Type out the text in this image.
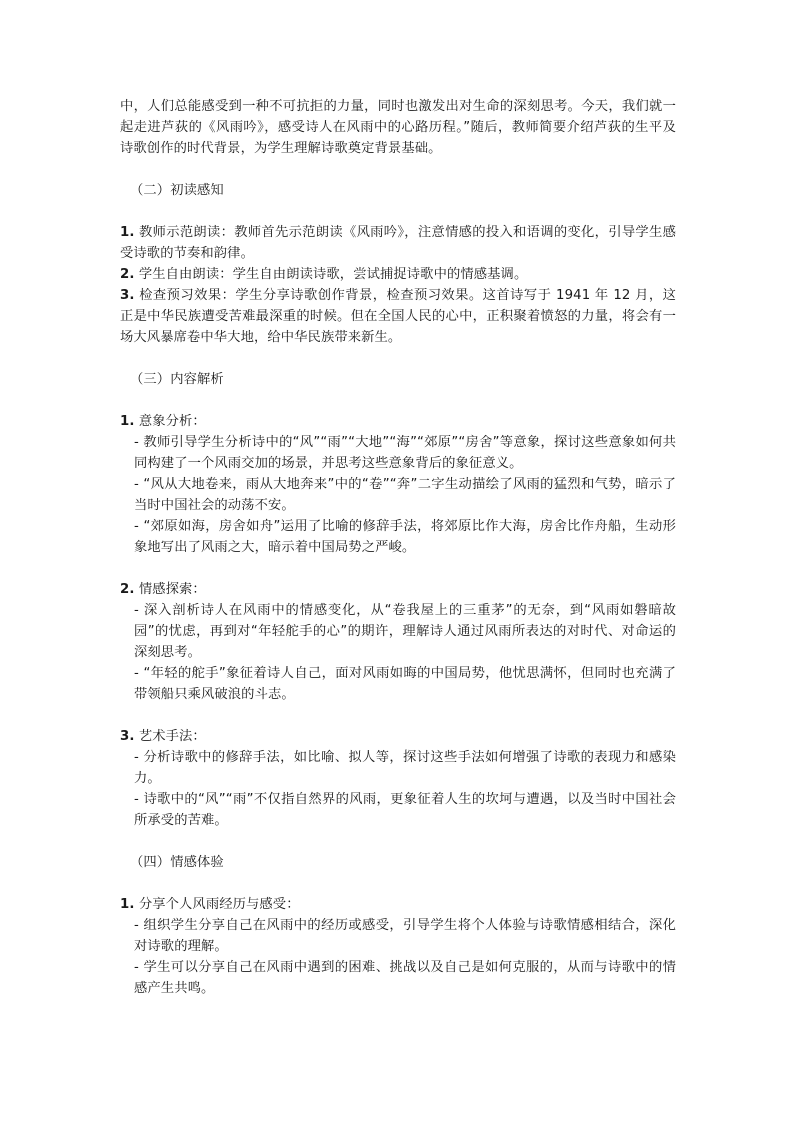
中，人们总能感受到一种不可抗拒的力量，同时也激发出对生命的深刻思考。今天，我们就一起走进芦荻的《风雨吟》，感受诗人在风雨中的心路历程。”随后，教师简要介绍芦荻的生平及诗歌创作的时代背景，为学生理解诗歌奠定背景基础。

（二）初读感知

1. 教师示范朗读：教师首先示范朗读《风雨吟》，注意情感的投入和语调的变化，引导学生感受诗歌的节奏和韵律。

2. 学生自由朗读：学生自由朗读诗歌，尝试捕捉诗歌中的情感基调。

3. 检查预习效果：学生分享诗歌创作背景，检查预习效果。这首诗写于 1941 年 12 月，这正是中华民族遭受苦难最深重的时候。但在全国人民的心中，正积聚着愤怒的力量，将会有一场大风暴席卷中华大地，给中华民族带来新生。

（三）内容解析

1. 意象分析：

- 教师引导学生分析诗中的“风”“雨”“大地”“海”“郊原”“房舍”等意象，探讨这些意象如何共同构建了一个风雨交加的场景，并思考这些意象背后的象征意义。

- “风从大地卷来，雨从大地奔来”中的“卷”“奔”二字生动描绘了风雨的猛烈和气势，暗示了当时中国社会的动荡不安。

- “郊原如海，房舍如舟”运用了比喻的修辞手法，将郊原比作大海，房舍比作舟船，生动形象地写出了风雨之大，暗示着中国局势之严峻。

2. 情感探索：

- 深入剖析诗人在风雨中的情感变化，从“卷我屋上的三重茅”的无奈，到“风雨如磐暗故园”的忧虑，再到对“年轻舵手的心”的期许，理解诗人通过风雨所表达的对时代、对命运的深刻思考。

- “年轻的舵手”象征着诗人自己，面对风雨如晦的中国局势，他忧思满怀，但同时也充满了带领船只乘风破浪的斗志。

3. 艺术手法：

- 分析诗歌中的修辞手法，如比喻、拟人等，探讨这些手法如何增强了诗歌的表现力和感染力。

- 诗歌中的“风”“雨”不仅指自然界的风雨，更象征着人生的坎坷与遭遇，以及当时中国社会所承受的苦难。

（四）情感体验

1. 分享个人风雨经历与感受：

- 组织学生分享自己在风雨中的经历或感受，引导学生将个人体验与诗歌情感相结合，深化对诗歌的理解。

- 学生可以分享自己在风雨中遇到的困难、挑战以及自己是如何克服的，从而与诗歌中的情感产生共鸣。
